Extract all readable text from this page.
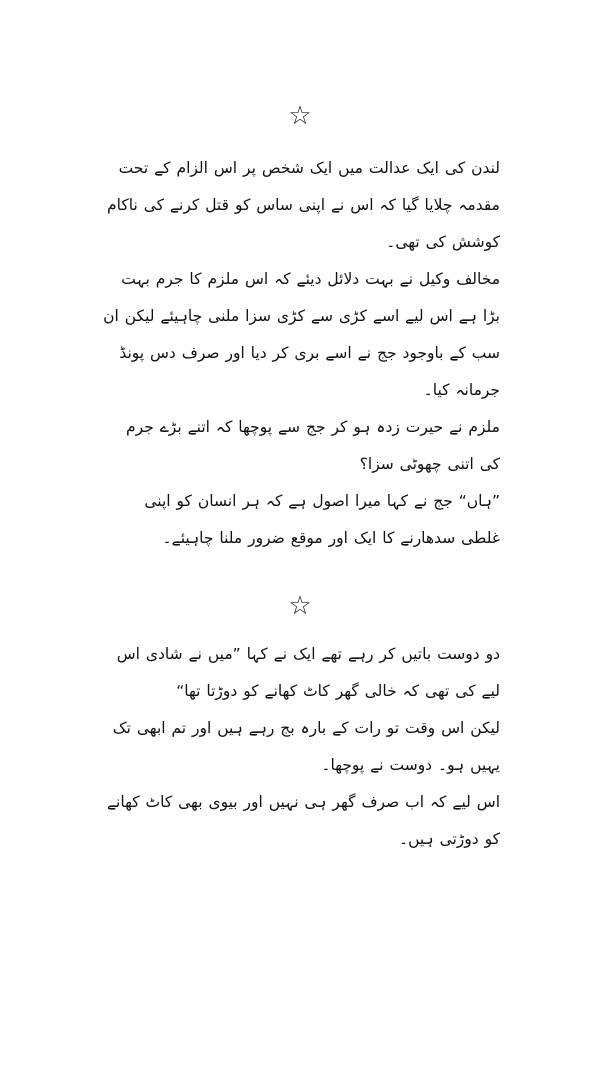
☆

لندن کی ایک عدالت میں ایک شخص پر اس الزام کے تحت مقدمہ چلایا گیا کہ اس نے اپنی ساس کو قتل کرنے کی ناکام کوشش کی تھی۔

مخالف وکیل نے بہت دلائل دیئے کہ اس ملزم کا جرم بہت بڑا ہے اس لیے اسے کڑی سے کڑی سزا ملنی چاہیئے لیکن ان سب کے باوجود جج نے اسے بری کر دیا اور صرف دس پونڈ جرمانہ کیا۔

ملزم نے حیرت زدہ ہو کر جج سے پوچھا کہ اتنے بڑے جرم کی اتنی چھوٹی سزا؟

”ہاں“ جج نے کہا میرا اصول ہے کہ ہر انسان کو اپنی غلطی سدھارنے کا ایک اور موقع ضرور ملنا چاہیئے۔

☆

دو دوست باتیں کر رہے تھے ایک نے کہا ”میں نے شادی اس لیے کی تھی کہ خالی گھر کاٹ کھانے کو دوڑتا تھا“

لیکن اس وقت تو رات کے بارہ بج رہے ہیں اور تم ابھی تک یہیں ہو۔ دوست نے پوچھا۔

اس لیے کہ اب صرف گھر ہی نہیں اور بیوی بھی کاٹ کھانے کو دوڑتی ہیں۔
